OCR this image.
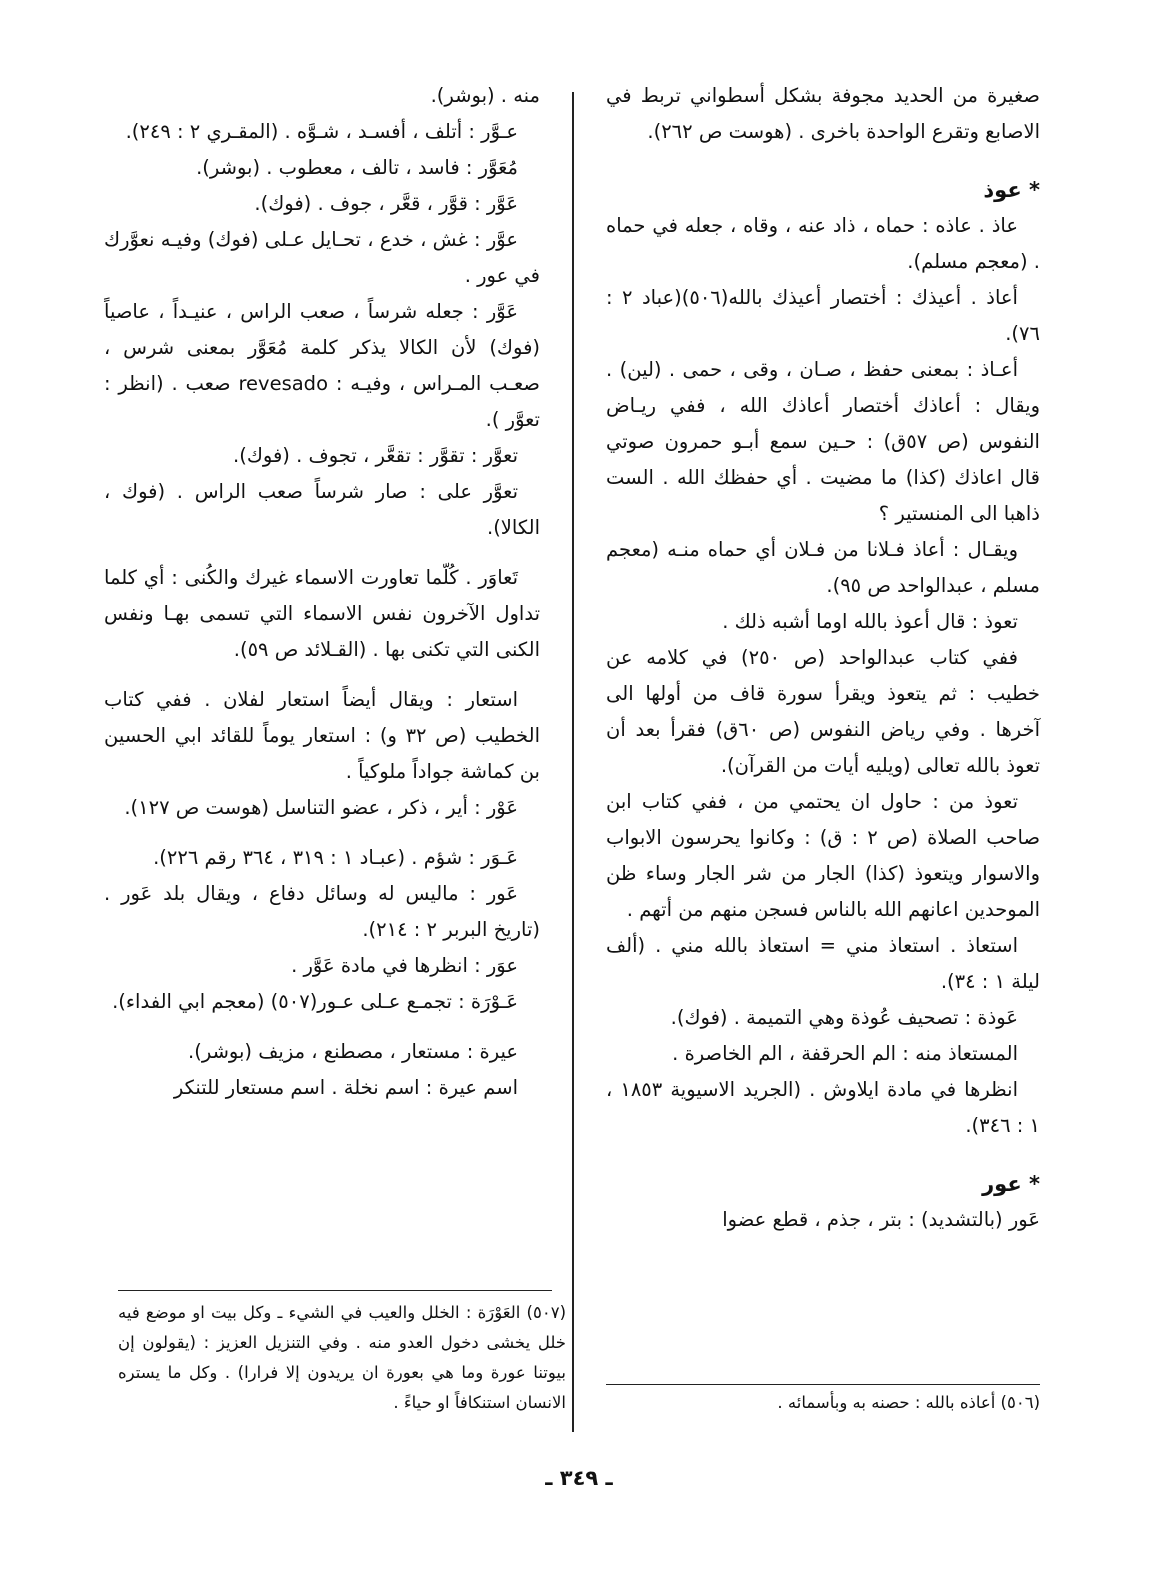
صغيرة من الحديد مجوفة بشكل أسطواني تربط في الاصابع وتقرع الواحدة باخرى . (هوست ص ٢٦٢).

* عوذ

عاذ . عاذه : حماه ، ذاد عنه ، وقاه ، جعله في حماه . (معجم مسلم).

أعاذ . أعيذك : أختصار أعيذك بالله(٥٠٦)(عباد ٢ : ٧٦).

أعـاذ : بمعنى حفظ ، صـان ، وقى ، حمى . (لين) . ويقال : أعاذك أختصار أعاذك الله ، ففي ريـاض النفوس (ص ٥٧ق) : حـين سمع أبـو حمرون صوتي قال اعاذك (كذا) ما مضيت . أي حفظك الله . الست ذاهبا الى المنستير ؟

ويقـال : أعاذ فـلانا من فـلان أي حماه منـه (معجم مسلم ، عبدالواحد ص ٩٥).

تعوذ : قال أعوذ بالله اوما أشبه ذلك .

ففي كتاب عبدالواحد (ص ٢٥٠) في كلامه عن خطيب : ثم يتعوذ ويقرأ سورة قاف من أولها الى آخرها . وفي رياض النفوس (ص ٦٠ق) فقرأ بعد أن تعوذ بالله تعالى (ويليه أيات من القرآن).

تعوذ من : حاول ان يحتمي من ، ففي كتاب ابن صاحب الصلاة (ص ٢ : ق) : وكانوا يحرسون الابواب والاسوار ويتعوذ (كذا) الجار من شر الجار وساء ظن الموحدين اعانهم الله بالناس فسجن منهم من أتهم .

استعاذ . استعاذ مني = استعاذ بالله مني . (ألف ليلة ١ : ٣٤).

عَوذة : تصحيف عُوذة وهي التميمة . (فوك).

المستعاذ منه : الم الحرقفة ، الم الخاصرة .

انظرها في مادة ايلاوش . (الجريد الاسيوية ١٨٥٣ ، ١ : ٣٤٦).

* عور

عَور (بالتشديد) : بتر ، جذم ، قطع عضوا

منه . (بوشر).

عـوَّر : أتلف ، أفسـد ، شـوَّه . (المقـري ٢ : ٢٤٩).

مُعَوَّر : فاسد ، تالف ، معطوب . (بوشر).

عَوَّر : قوَّر ، قعَّر ، جوف . (فوك).

عوَّر : غش ، خدع ، تحـايل عـلى (فوك) وفيـه نعوَّرك في عور .

عَوَّر : جعله شرساً ، صعب الراس ، عنيـداً ، عاصياً (فوك) لأن الكالا يذكر كلمة مُعَوَّر بمعنى شرس ، صعـب المـراس ، وفيـه : revesado صعب . (انظر : تعوَّر ).

تعوَّر : تقوَّر : تقعَّر ، تجوف . (فوك).

تعوَّر على : صار شرساً صعب الراس . (فوك ، الكالا).

تَعاوَر . كُلّما تعاورت الاسماء غيرك والكُنى : أي كلما تداول الآخرون نفس الاسماء التي تسمى بهـا ونفس الكنى التي تكنى بها . (القـلائد ص ٥٩).

استعار : ويقال أيضاً استعار لفلان . ففي كتاب الخطيب (ص ٣٢ و) : استعار يوماً للقائد ابي الحسين بن كماشة جواداً ملوكياً .

عَوْر : أير ، ذكر ، عضو التناسل (هوست ص ١٢٧).

عَـوَر : شؤم . (عبـاد ١ : ٣١٩ ، ٣٦٤ رقم ٢٢٦).

عَور : ماليس له وسائل دفاع ، ويقال بلد عَور . (تاريخ البربر ٢ : ٢١٤).

عوَر : انظرها في مادة عَوَّر .

عَـوْرَة : تجمـع عـلى عـور(٥٠٧) (معجم ابي الفداء).

عيرة : مستعار ، مصطنع ، مزيف (بوشر).

اسم عيرة : اسم نخلة . اسم مستعار للتنكر

(٥٠٧) العَوْرَة : الخلل والعيب في الشيء ـ وكل بيت او موضع فيه خلل يخشى دخول العدو منه . وفي التنزيل العزيز : (يقولون إن بيوتنا عورة وما هي بعورة ان يريدون إلا فرارا) . وكل ما يستره الانسان استنكافاً او حياءً .	(٥٠٦) أعاذه بالله : حصنه به وبأسمائه .

ـ ٣٤٩ ـ
